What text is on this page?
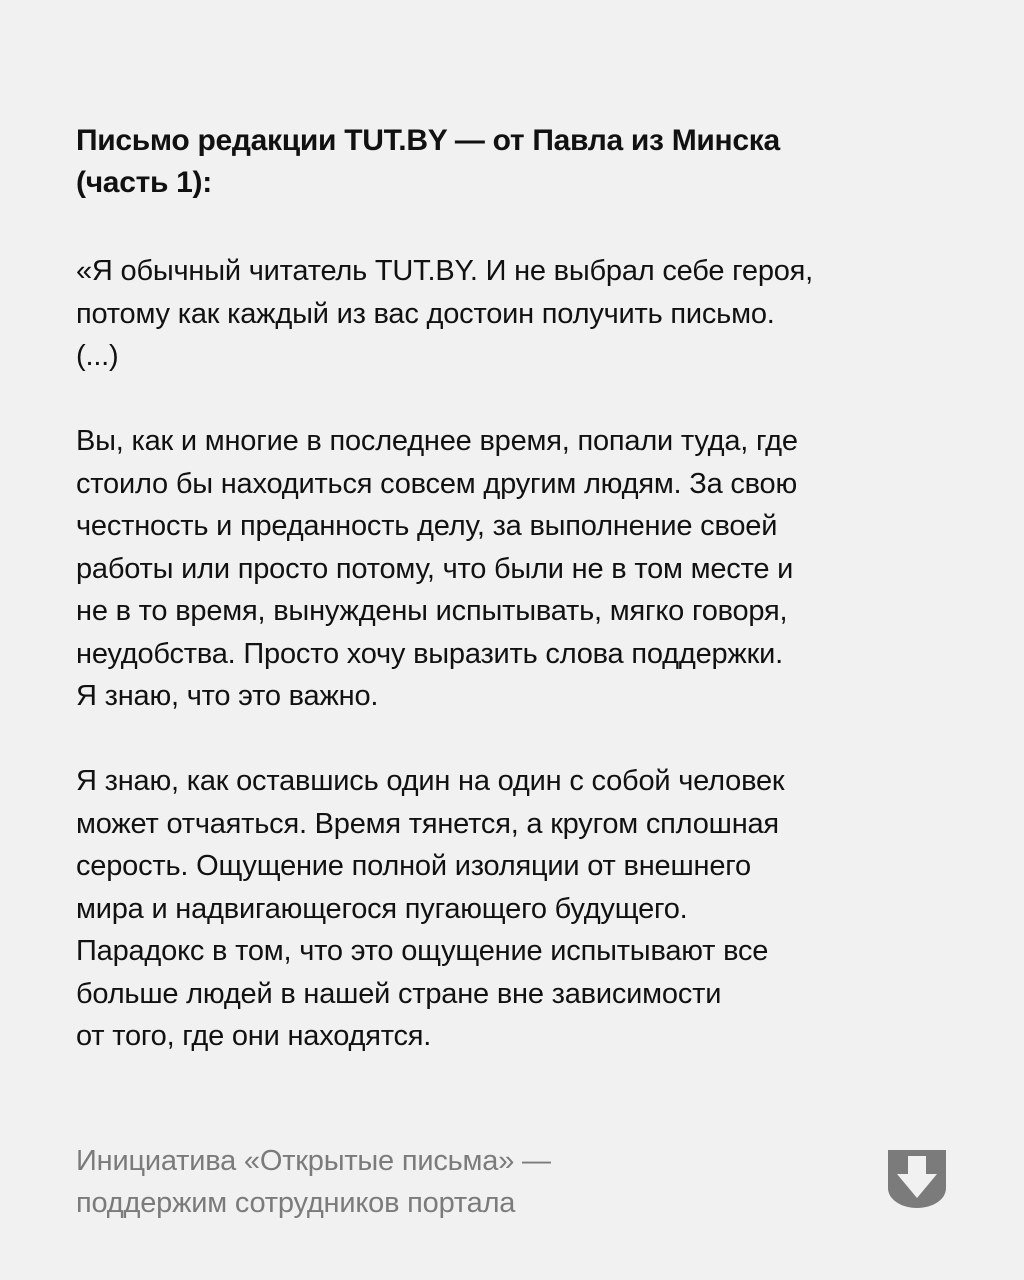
Письмо редакции TUT.BY — от Павла из Минска
(часть 1):

«Я обычный читатель TUT.BY. И не выбрал себе героя,
потому как каждый из вас достоин получить письмо.
(...)

Вы, как и многие в последнее время, попали туда, где
стоило бы находиться совсем другим людям. За свою
честность и преданность делу, за выполнение своей
работы или просто потому, что были не в том месте и
не в то время, вынуждены испытывать, мягко говоря,
неудобства. Просто хочу выразить слова поддержки.
Я знаю, что это важно.

Я знаю, как оставшись один на один с собой человек
может отчаяться. Время тянется, а кругом сплошная
серость. Ощущение полной изоляции от внешнего
мира и надвигающегося пугающего будущего.
Парадокс в том, что это ощущение испытывают все
больше людей в нашей стране вне зависимости
от того, где они находятся.

Инициатива «Открытые письма» —
поддержим сотрудников портала
